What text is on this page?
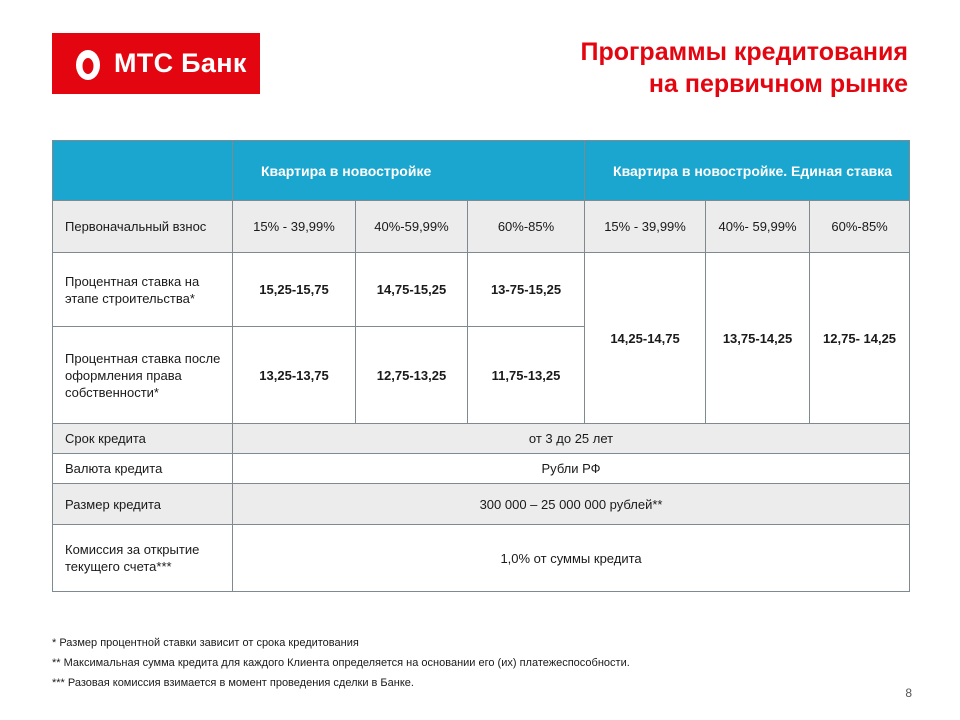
МТС Банк	Программы кредитования
на первичном рынке
	Квартира в новостройке			Квартира в новостройке. Единая ставка		
Первоначальный взнос	15% - 39,99%	40%-59,99%	60%-85%	15% - 39,99%	40%- 59,99%	60%-85%
Процентная ставка на этапе строительства*	15,25-15,75	14,75-15,25	13-75-15,25	14,25-14,75	13,75-14,25	12,75- 14,25
Процентная ставка после оформления права собственности*	13,25-13,75	12,75-13,25	11,75-13,25			
Срок кредита	от 3 до 25 лет					
Валюта кредита	Рубли РФ					
Размер кредита	300 000 – 25 000 000 рублей**					
Комиссия за открытие текущего счета***	1,0% от суммы кредита					
* Размер процентной ставки зависит от срока кредитования
** Максимальная сумма кредита для каждого Клиента определяется на основании его (их) платежеспособности.
*** Разовая комиссия взимается в момент проведения сделки в Банке.
8
